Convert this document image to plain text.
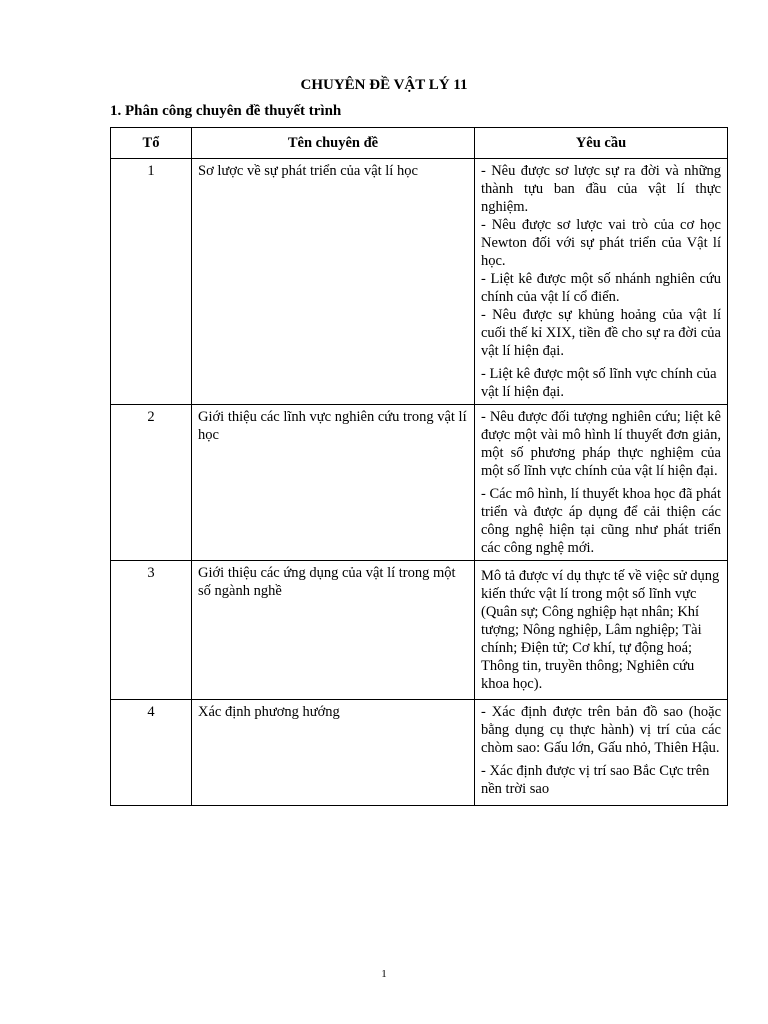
CHUYÊN ĐỀ VẬT LÝ 11
1. Phân công chuyên đề thuyết trình
Tổ	Tên chuyên đề	Yêu cầu
1	Sơ lược về sự phát triển của vật lí học	- Nêu được sơ lược sự ra đời và những thành tựu ban đầu của vật lí thực nghiệm.

- Nêu được sơ lược vai trò của cơ học Newton đối với sự phát triển của Vật lí học.

- Liệt kê được một số nhánh nghiên cứu chính của vật lí cổ điển.

- Nêu được sự khủng hoảng của vật lí cuối thế kỉ XIX, tiền đề cho sự ra đời của vật lí hiện đại.

- Liệt kê được một số lĩnh vực chính của vật lí hiện đại.

2	Giới thiệu các lĩnh vực nghiên cứu trong vật lí học	- Nêu được đối tượng nghiên cứu; liệt kê được một vài mô hình lí thuyết đơn giản, một số phương pháp thực nghiệm của một số lĩnh vực chính của vật lí hiện đại.

- Các mô hình, lí thuyết khoa học đã phát triển và được áp dụng để cải thiện các công nghệ hiện tại cũng như phát triển các công nghệ mới.

3	Giới thiệu các ứng dụng của vật lí trong một số ngành nghề	Mô tả được ví dụ thực tế về việc sử dụng kiến thức vật lí trong một số lĩnh vực (Quân sự; Công nghiệp hạt nhân; Khí tượng; Nông nghiệp, Lâm nghiệp; Tài chính; Điện tử; Cơ khí, tự động hoá; Thông tin, truyền thông; Nghiên cứu khoa học).

4	Xác định phương hướng	- Xác định được trên bản đồ sao (hoặc bằng dụng cụ thực hành) vị trí của các chòm sao: Gấu lớn, Gấu nhỏ, Thiên Hậu.

- Xác định được vị trí sao Bắc Cực trên nền trời sao

1
